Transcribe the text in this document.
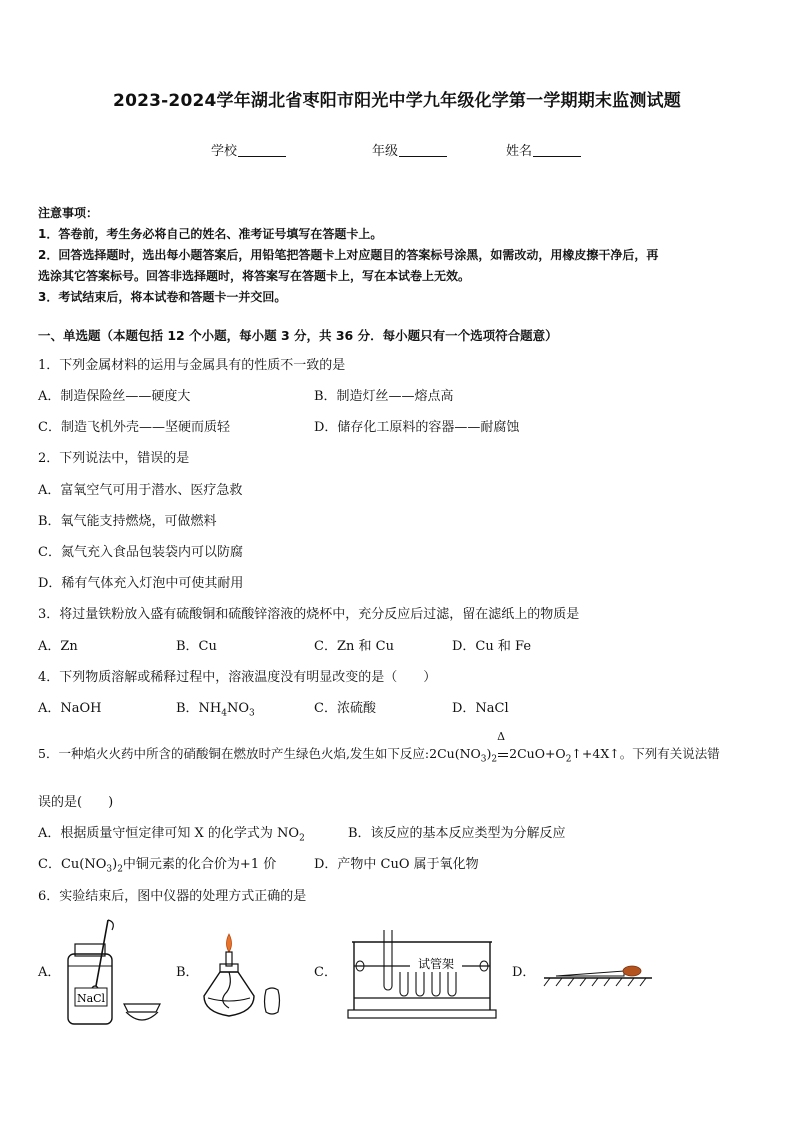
2023-2024学年湖北省枣阳市阳光中学九年级化学第一学期期末监测试题
学校	年级	姓名

注意事项：

1．答卷前，考生务必将自己的姓名、准考证号填写在答题卡上。

2．回答选择题时，选出每小题答案后，用铅笔把答题卡上对应题目的答案标号涂黑，如需改动，用橡皮擦干净后，再

选涂其它答案标号。回答非选择题时，将答案写在答题卡上，写在本试卷上无效。

3．考试结束后，将本试卷和答题卡一并交回。

一、单选题（本题包括 12 个小题，每小题 3 分，共 36 分．每小题只有一个选项符合题意）
1．下列金属材料的运用与金属具有的性质不一致的是
A．制造保险丝——硬度大	B．制造灯丝——熔点高
C．制造飞机外壳——坚硬而质轻	D．储存化工原料的容器——耐腐蚀
2．下列说法中，错误的是
A．富氧空气可用于潜水、医疗急救
B．氧气能支持燃烧，可做燃料
C．氮气充入食品包装袋内可以防腐
D．稀有气体充入灯泡中可使其耐用
3．将过量铁粉放入盛有硫酸铜和硫酸锌溶液的烧杯中，充分反应后过滤，留在滤纸上的物质是
A．Zn	B．Cu	C．Zn 和 Cu	D．Cu 和 Fe
4．下列物质溶解或稀释过程中，溶液温度没有明显改变的是（　　）
A．NaOH	B．$NH_4NO_3$	C．浓硫酸	D．NaCl
5．一种焰火火药中所含的硝酸铜在燃放时产生绿色火焰,发生如下反应$:2Cu(NO_3)_2$
Δ
$2CuO+O_2↑+4X↑$。下列有关说法错
误的是(　　)
A．根据质量守恒定律可知 X 的化学式为 $NO_2$	B．该反应的基本反应类型为分解反应
C．$Cu(NO_3)_2$中铜元素的化合价为+1 价	D．产物中 CuO 属于氧化物
6．实验结束后，图中仪器的处理方式正确的是
A．
NaCl
B．	C．
试管架
D．
